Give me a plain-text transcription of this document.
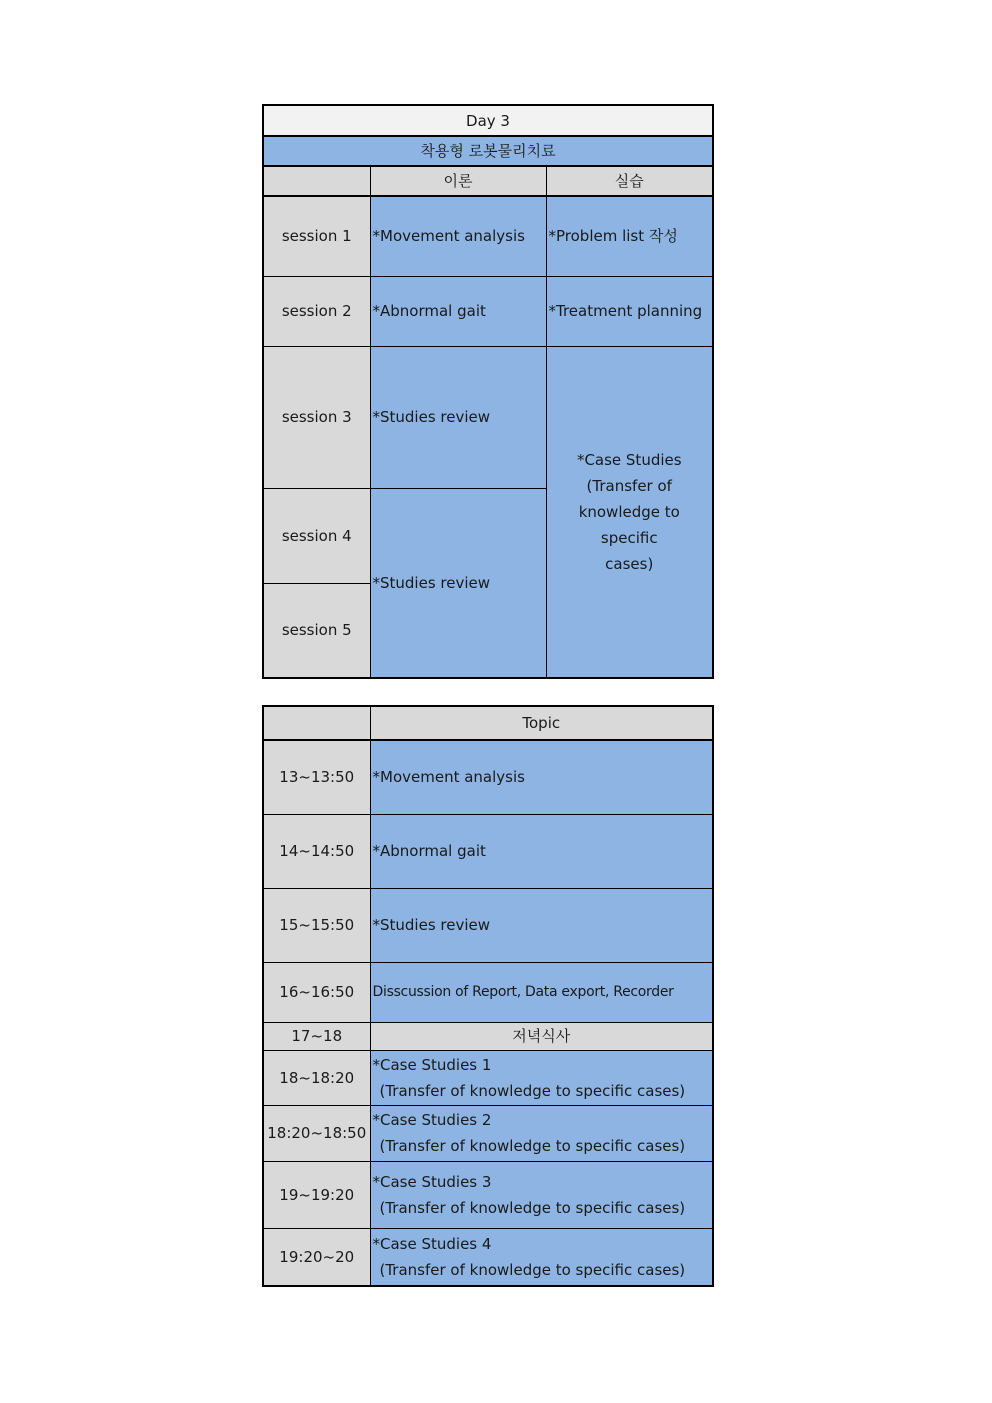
Day 3		
착용형 로봇물리치료		
	이론	실습
session 1	*Movement analysis	*Problem list 작성
session 2	*Abnormal gait	*Treatment planning
session 3	*Studies review	*Case Studies
(Transfer of
knowledge to specific
cases)

session 4	*Studies review	
session 5		
	Topic
13~13:50	*Movement analysis
14~14:50	*Abnormal gait
15~15:50	*Studies review
16~16:50	Disscussion of Report, Data export, Recorder
17~18	저녁식사
18~18:20	*Case Studies 1
(Transfer of knowledge to specific cases)

18:20~18:50	*Case Studies 2
(Transfer of knowledge to specific cases)

19~19:20	*Case Studies 3
(Transfer of knowledge to specific cases)

19:20~20	*Case Studies 4
(Transfer of knowledge to specific cases)
